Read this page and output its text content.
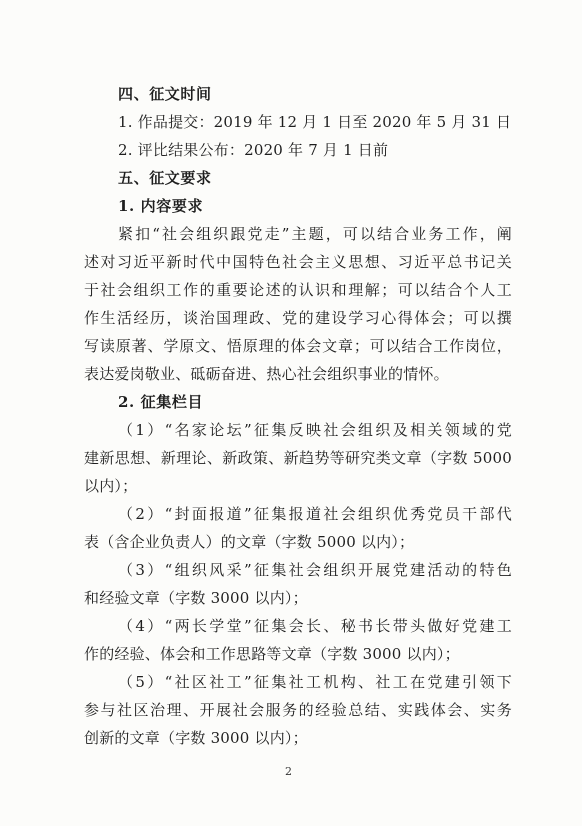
四、征文时间
1. 作品提交：2019 年 12 月 1 日至 2020 年 5 月 31 日
2. 评比结果公布：2020 年 7 月 1 日前
五、征文要求
1. 内容要求
紧扣“社会组织跟党走”主题，可以结合业务工作，阐
述对习近平新时代中国特色社会主义思想、习近平总书记关
于社会组织工作的重要论述的认识和理解；可以结合个人工
作生活经历，谈治国理政、党的建设学习心得体会；可以撰
写读原著、学原文、悟原理的体会文章；可以结合工作岗位，
表达爱岗敬业、砥砺奋进、热心社会组织事业的情怀。
2. 征集栏目
（1）“名家论坛”征集反映社会组织及相关领域的党
建新思想、新理论、新政策、新趋势等研究类文章（字数 5000
以内）；
（2）“封面报道”征集报道社会组织优秀党员干部代
表（含企业负责人）的文章（字数 5000 以内）；
（3）“组织风采”征集社会组织开展党建活动的特色
和经验文章（字数 3000 以内）；
（4）“两长学堂”征集会长、秘书长带头做好党建工
作的经验、体会和工作思路等文章（字数 3000 以内）；
（5）“社区社工”征集社工机构、社工在党建引领下
参与社区治理、开展社会服务的经验总结、实践体会、实务
创新的文章（字数 3000 以内）；
2
